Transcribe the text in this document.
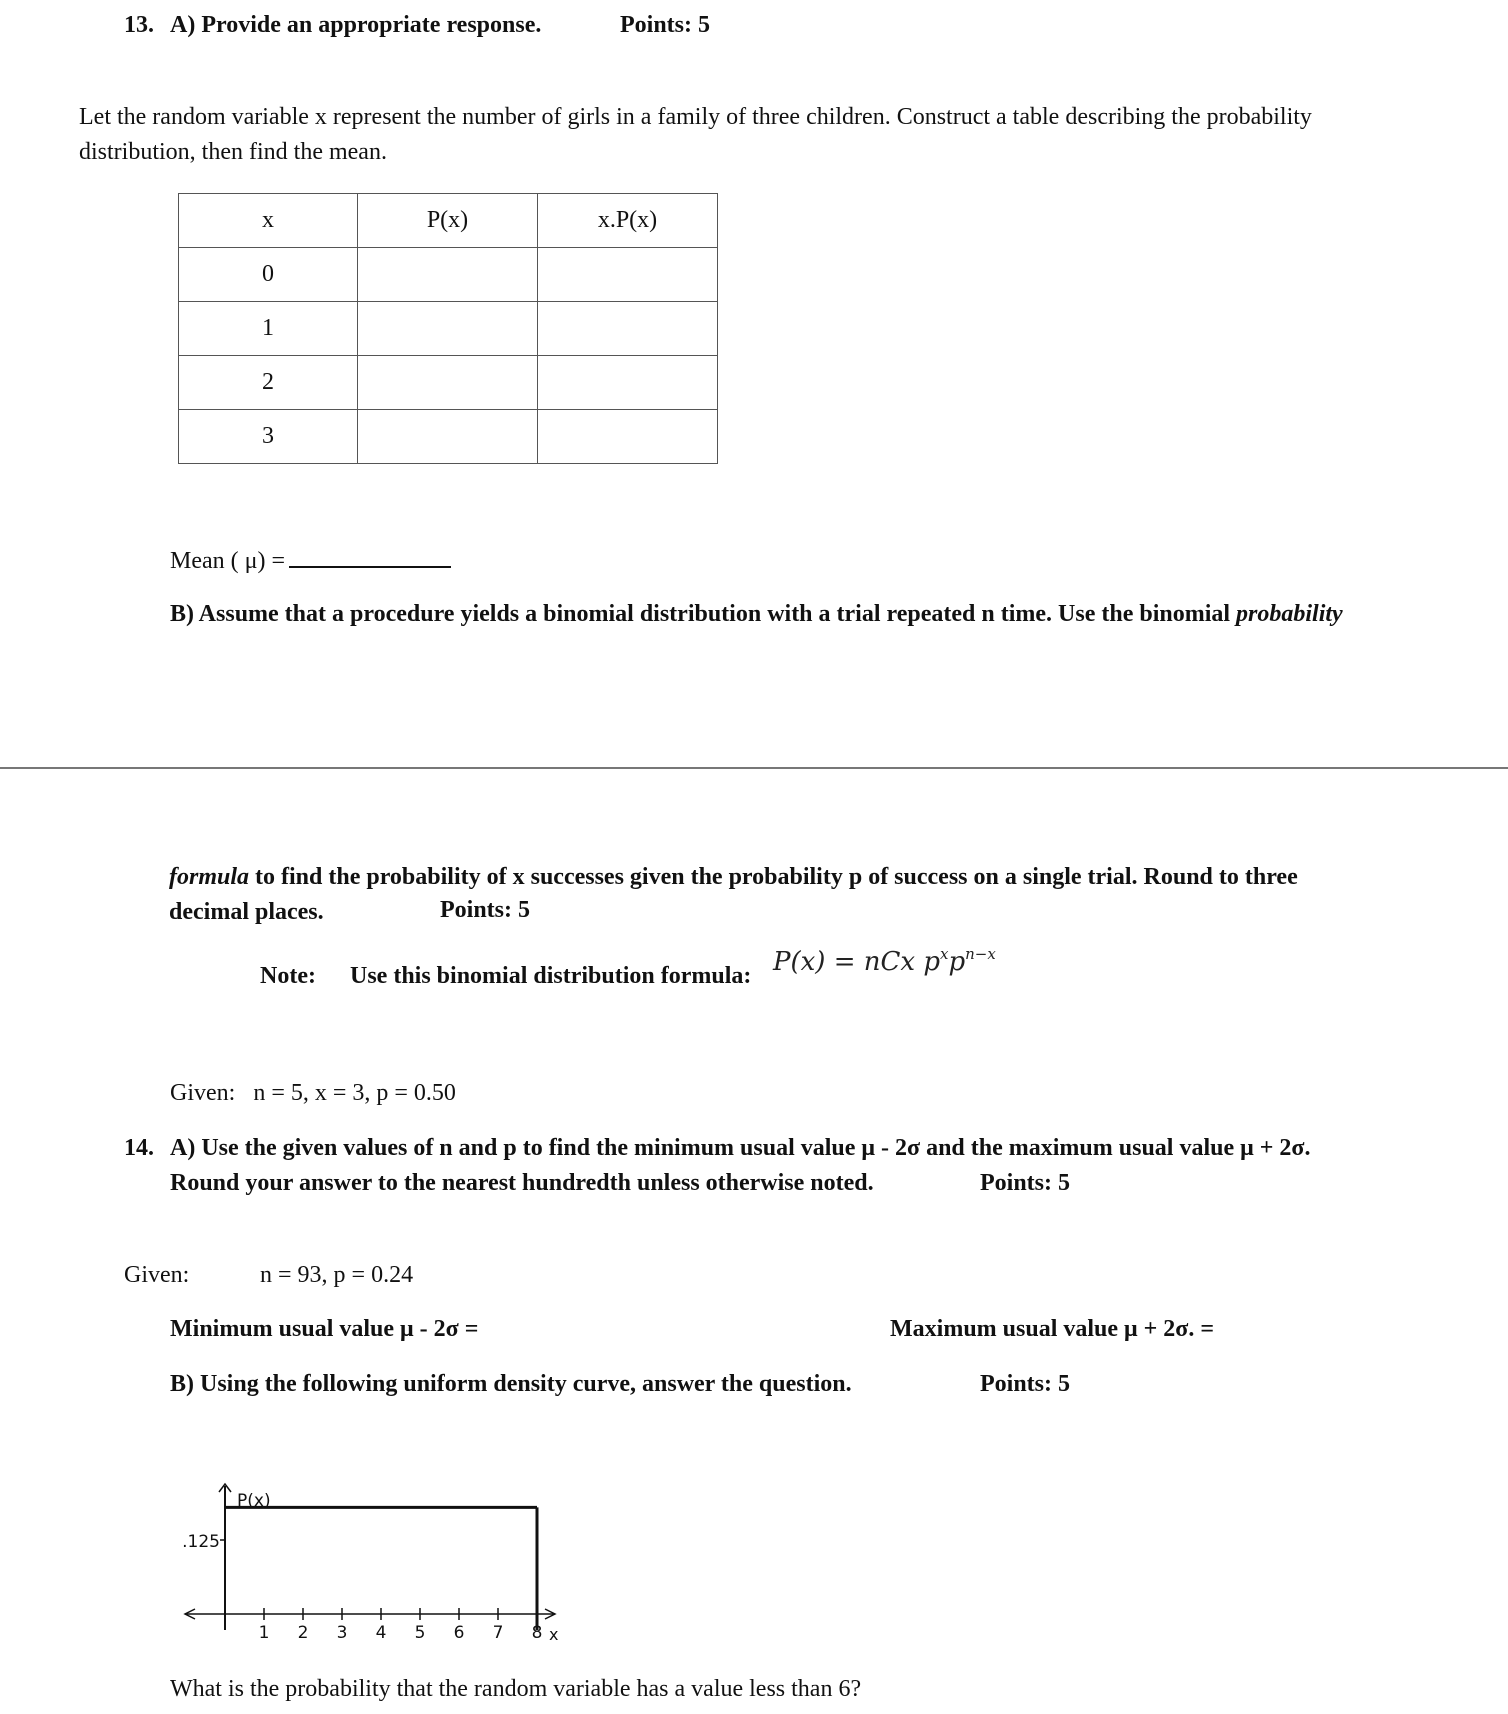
13. A) Provide an appropriate response.	Points: 5
Let the random variable x represent the number of girls in a family of three children. Construct a table describing the probability distribution, then find the mean.
x	P(x)	x.P(x)
0		
1		
2		
3		
Mean ( μ) =
B) Assume that a procedure yields a binomial distribution with a trial repeated n time. Use the binomial probability
formula to find the probability of x successes given the probability p of success on a single trial. Round to three decimal places.	Points: 5
Note: Use this binomial distribution formula: P(x) = nCx $p^xp^{n-x}$
Given:   n = 5, x = 3, p = 0.50
14. A) Use the given values of n and p to find the minimum usual value μ - 2σ and the maximum usual value μ + 2σ.
Round your answer to the nearest hundredth unless otherwise noted.	Points: 5
Given:	n = 93, p = 0.24
Minimum usual value μ - 2σ =	Maximum usual value μ + 2σ. =
B) Using the following uniform density curve, answer the question.	Points: 5
P(x)
x
.125
1 2 3 4 5 6 7 8
What is the probability that the random variable has a value less than 6?
